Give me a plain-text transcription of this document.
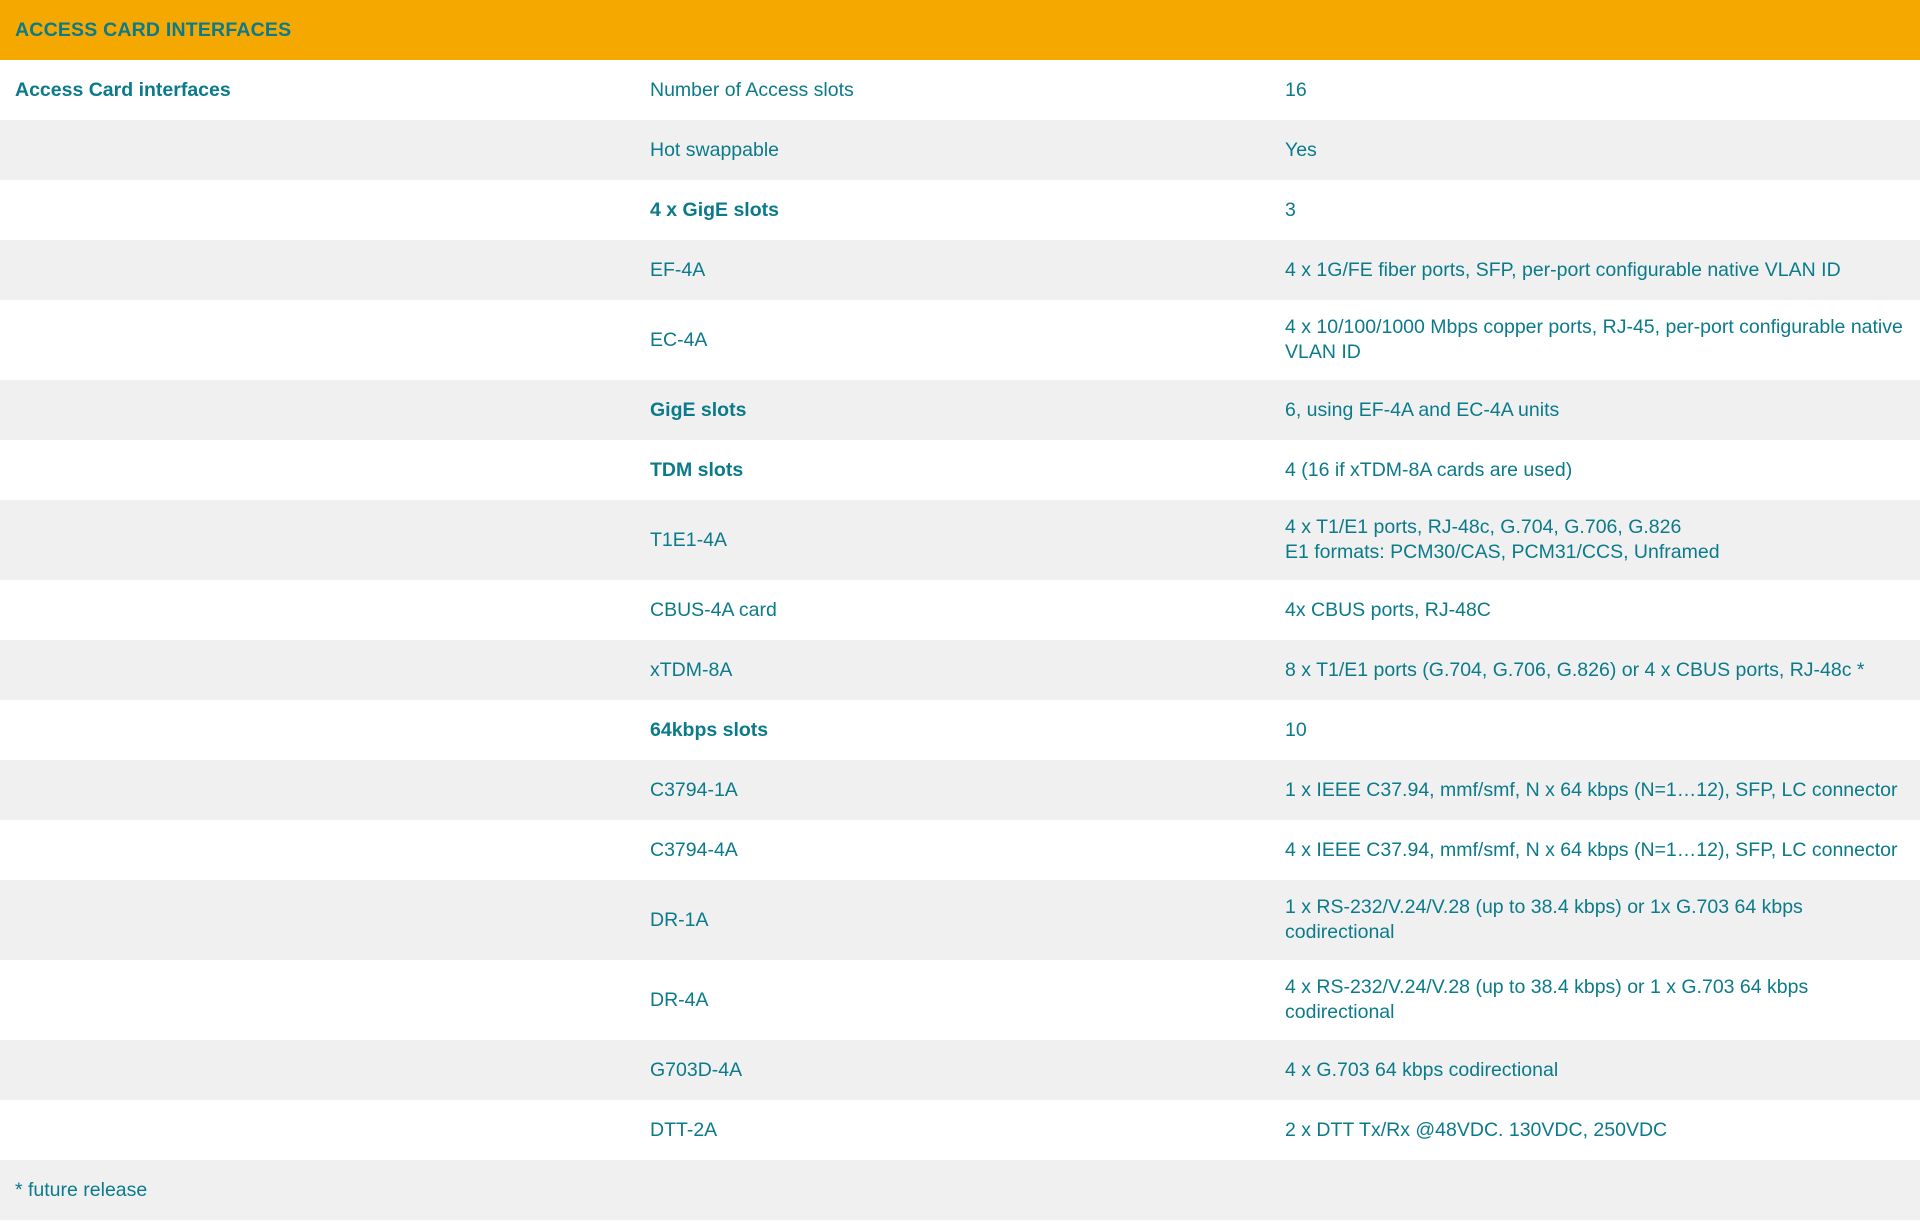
ACCESS CARD INTERFACES		
Access Card interfaces	Number of Access slots	16
	Hot swappable	Yes
	4 x GigE slots	3
	EF-4A	4 x 1G/FE fiber ports, SFP, per-port configurable native VLAN ID
	EC-4A	4 x 10/100/1000 Mbps copper ports, RJ-45, per-port configurable native VLAN ID
	GigE slots	6, using EF-4A and EC-4A units
	TDM slots	4 (16 if xTDM-8A cards are used)
	T1E1-4A	4 x T1/E1 ports, RJ-48c, G.704, G.706, G.826
E1 formats: PCM30/CAS, PCM31/CCS, Unframed

	CBUS-4A card	4x CBUS ports, RJ-48C
	xTDM-8A	8 x T1/E1 ports (G.704, G.706, G.826) or 4 x CBUS ports, RJ-48c *
	64kbps slots	10
	C3794-1A	1 x IEEE C37.94, mmf/smf, N x 64 kbps (N=1…12), SFP, LC connector
	C3794-4A	4 x IEEE C37.94, mmf/smf, N x 64 kbps (N=1…12), SFP, LC connector
	DR-1A	1 x RS-232/V.24/V.28 (up to 38.4 kbps) or 1x G.703 64 kbps codirectional
	DR-4A	4 x RS-232/V.24/V.28 (up to 38.4 kbps) or 1 x G.703 64 kbps codirectional
	G703D-4A	4 x G.703 64 kbps codirectional
	DTT-2A	2 x DTT Tx/Rx @48VDC. 130VDC, 250VDC
* future release		
